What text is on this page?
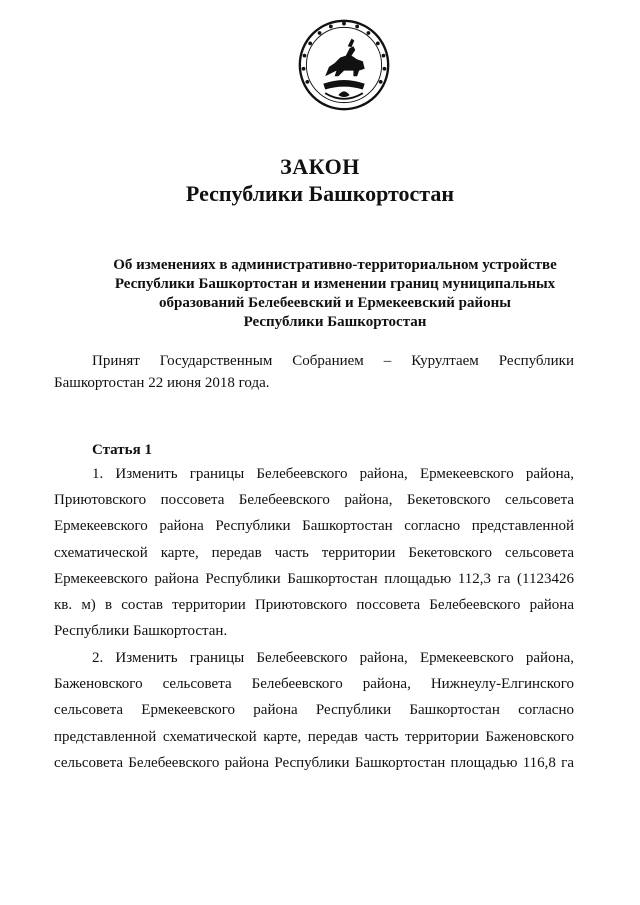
ЗАКОН
Республики Башкортостан
Об изменениях в административно-территориальном устройстве
Республики Башкортостан и изменении границ муниципальных
образований Белебеевский и Ермекеевский районы
Республики Башкортостан
Принят Государственным Собранием – Курултаем Республики Башкортостан 22 июня 2018 года.
Статья 1

1. Изменить границы Белебеевского района, Ермекеевского района, Приютовского поссовета Белебеевского района, Бекетовского сельсовета Ермекеевского района Республики Башкортостан согласно представленной схематической карте, передав часть территории Бекетовского сельсовета Ермекеевского района Республики Башкортостан площадью 112,3 га (1123426 кв. м) в состав территории Приютовского поссовета Белебеевского района Республики Башкортостан.

2. Изменить границы Белебеевского района, Ермекеевского района, Баженовского сельсовета Белебеевского района, Нижнеулу-Елгинского сельсовета Ермекеевского района Республики Башкортостан согласно представленной схематической карте, передав часть территории Баженовского сельсовета Белебеевского района Республики Башкортостан площадью 116,8 га
